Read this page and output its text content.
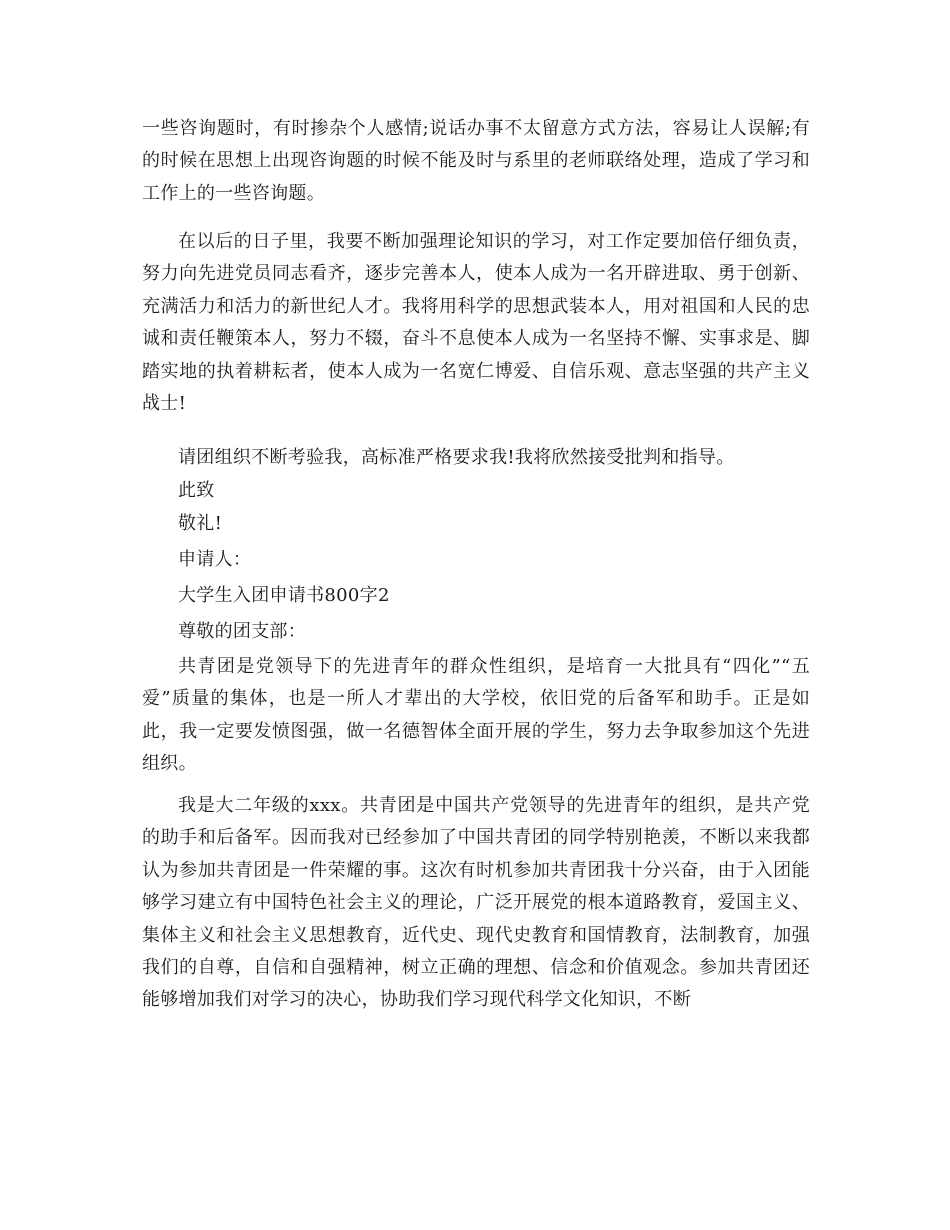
一些咨询题时，有时掺杂个人感情;说话办事不太留意方式方法，容易让人误解;有的时候在思想上出现咨询题的时候不能及时与系里的老师联络处理，造成了学习和工作上的一些咨询题。

在以后的日子里，我要不断加强理论知识的学习，对工作定要加倍仔细负责，努力向先进党员同志看齐，逐步完善本人，使本人成为一名开辟进取、勇于创新、充满活力和活力的新世纪人才。我将用科学的思想武装本人，用对祖国和人民的忠诚和责任鞭策本人，努力不辍，奋斗不息使本人成为一名坚持不懈、实事求是、脚踏实地的执着耕耘者，使本人成为一名宽仁博爱、自信乐观、意志坚强的共产主义战士!

请团组织不断考验我，高标准严格要求我!我将欣然接受批判和指导。

此致

敬礼!

申请人：

大学生入团申请书800字2

尊敬的团支部：

共青团是党领导下的先进青年的群众性组织，是培育一大批具有“四化”“五爱”质量的集体，也是一所人才辈出的大学校，依旧党的后备军和助手。正是如此，我一定要发愤图强，做一名德智体全面开展的学生，努力去争取参加这个先进组织。

我是大二年级的xxx。共青团是中国共产党领导的先进青年的组织，是共产党的助手和后备军。因而我对已经参加了中国共青团的同学特别艳羡，不断以来我都认为参加共青团是一件荣耀的事。这次有时机参加共青团我十分兴奋，由于入团能够学习建立有中国特色社会主义的理论，广泛开展党的根本道路教育，爱国主义、集体主义和社会主义思想教育，近代史、现代史教育和国情教育，法制教育，加强我们的自尊，自信和自强精神，树立正确的理想、信念和价值观念。参加共青团还能够增加我们对学习的决心，协助我们学习现代科学文化知识，不断
